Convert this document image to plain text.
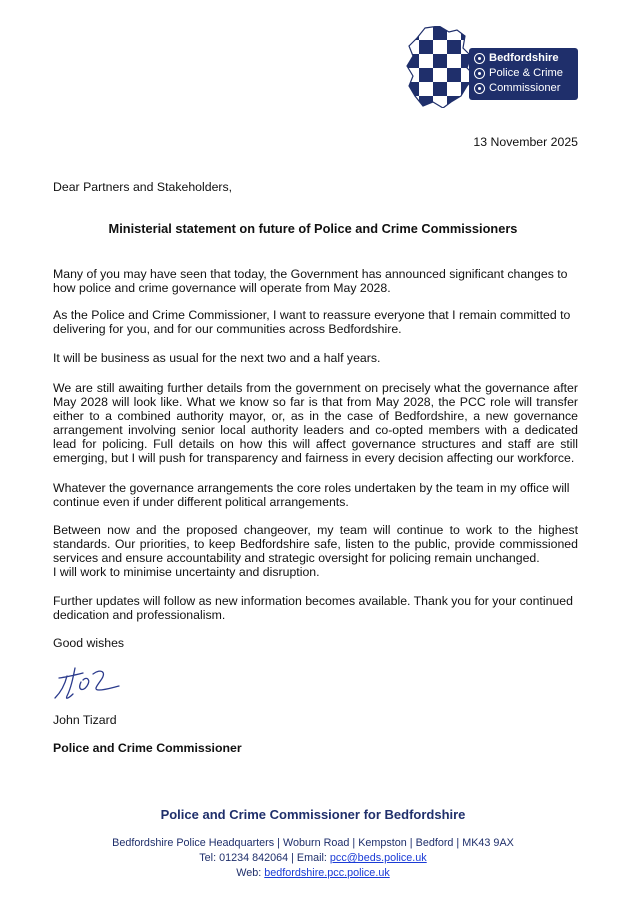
Bedfordshire
Police & Crime
Commissioner
13 November 2025
Dear Partners and Stakeholders,
Ministerial statement on future of Police and Crime Commissioners
Many of you may have seen that today, the Government has announced significant changes to how police and crime governance will operate from May 2028.
As the Police and Crime Commissioner, I want to reassure everyone that I remain committed to delivering for you, and for our communities across Bedfordshire.
It will be business as usual for the next two and a half years.
We are still awaiting further details from the government on precisely what the governance after May 2028 will look like. What we know so far is that from May 2028, the PCC role will transfer either to a combined authority mayor, or, as in the case of Bedfordshire, a new governance arrangement involving senior local authority leaders and co-opted members with a dedicated lead for policing. Full details on how this will affect governance structures and staff are still emerging, but I will push for transparency and fairness in every decision affecting our workforce.
Whatever the governance arrangements the core roles undertaken by the team in my office will continue even if under different political arrangements.
Between now and the proposed changeover, my team will continue to work to the highest standards. Our priorities, to keep Bedfordshire safe, listen to the public, provide commissioned services and ensure accountability and strategic oversight for policing remain unchanged.
I will work to minimise uncertainty and disruption.
Further updates will follow as new information becomes available. Thank you for your continued dedication and professionalism.
Good wishes
John Tizard
Police and Crime Commissioner
Police and Crime Commissioner for Bedfordshire
Bedfordshire Police Headquarters | Woburn Road | Kempston | Bedford | MK43 9AX
Tel: 01234 842064 | Email: pcc@beds.police.uk
Web: bedfordshire.pcc.police.uk
